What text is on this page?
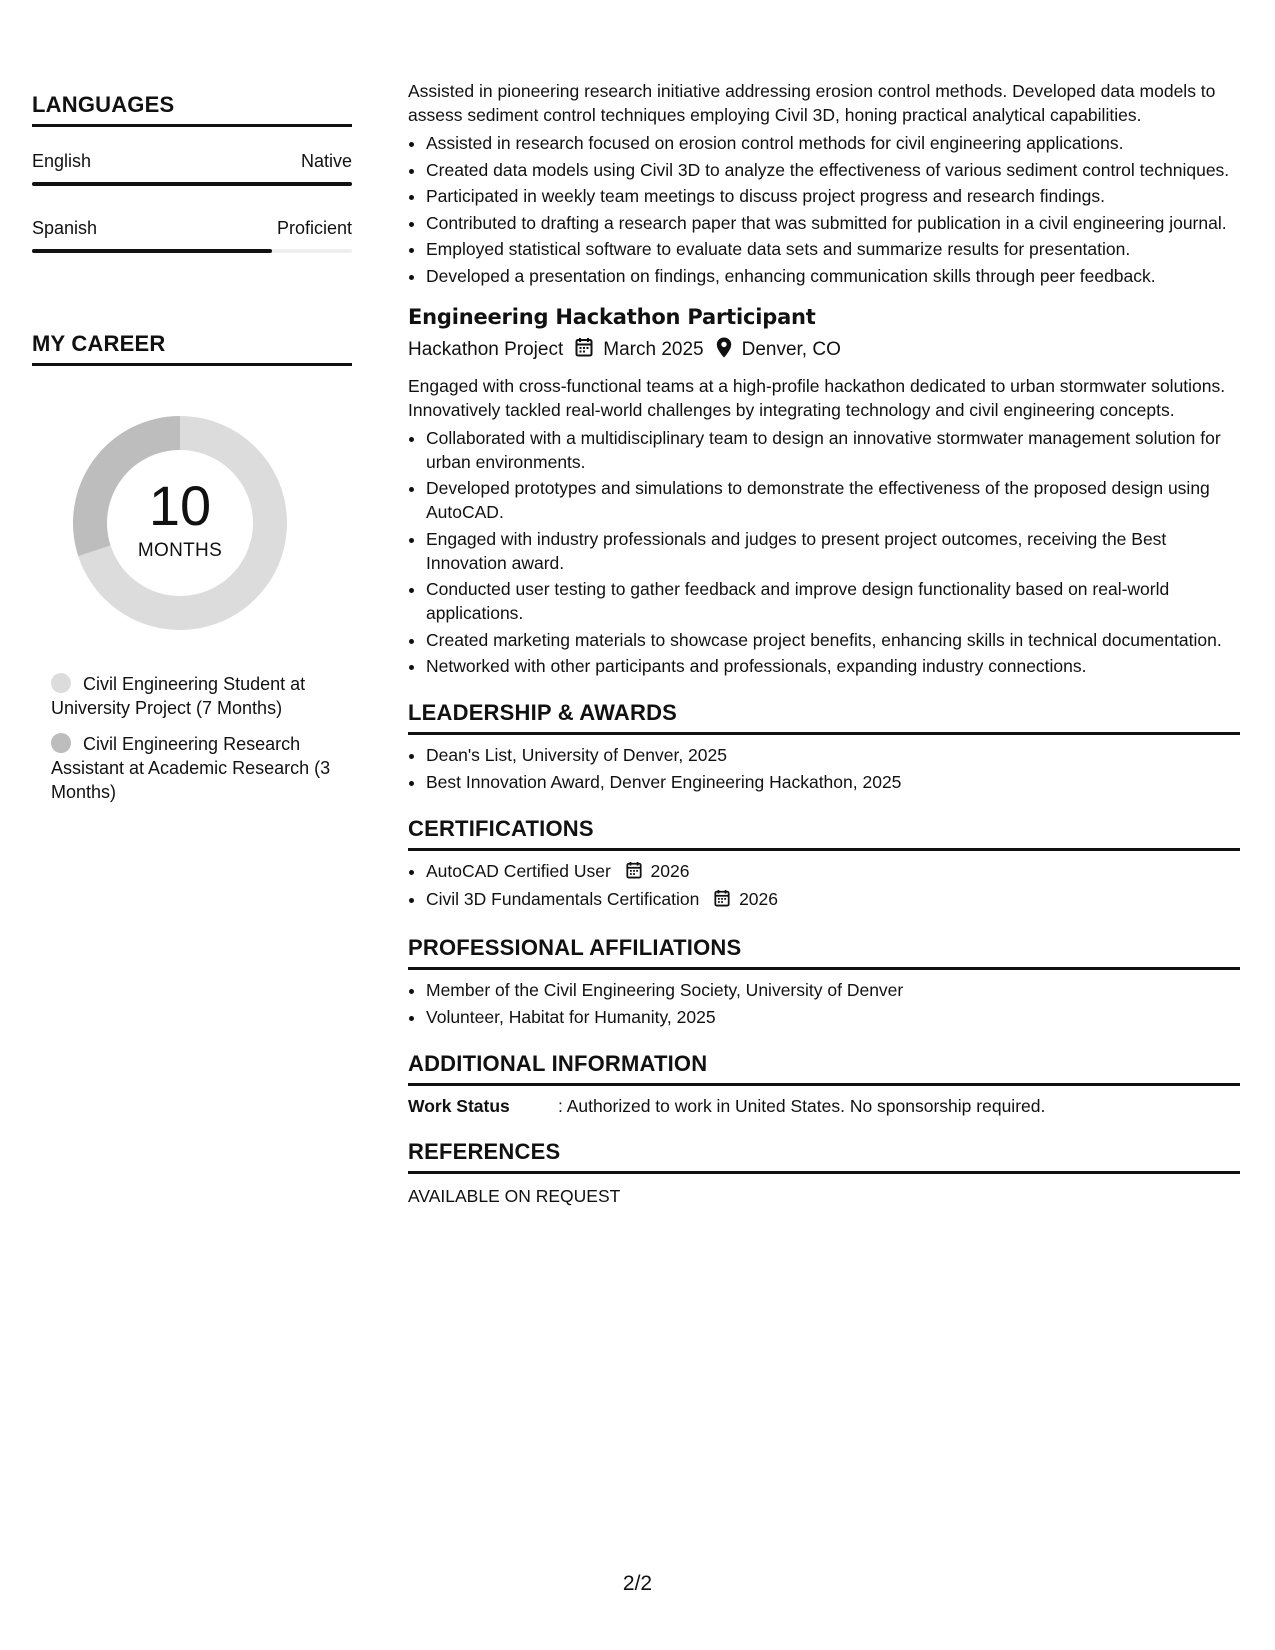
LANGUAGES
English	Native
Spanish	Proficient
MY CAREER
10
MONTHS
Civil Engineering Student at University Project (7 Months)
Civil Engineering Research Assistant at Academic Research (3 Months)

Assisted in pioneering research initiative addressing erosion control methods. Developed data models to assess sediment control techniques employing Civil 3D, honing practical analytical capabilities.

• Assisted in research focused on erosion control methods for civil engineering applications.
• Created data models using Civil 3D to analyze the effectiveness of various sediment control techniques.
• Participated in weekly team meetings to discuss project progress and research findings.
• Contributed to drafting a research paper that was submitted for publication in a civil engineering journal.
• Employed statistical software to evaluate data sets and summarize results for presentation.
• Developed a presentation on findings, enhancing communication skills through peer feedback.
Engineering Hackathon Participant
Hackathon Project March 2025 Denver, CO

Engaged with cross-functional teams at a high-profile hackathon dedicated to urban stormwater solutions. Innovatively tackled real-world challenges by integrating technology and civil engineering concepts.

• Collaborated with a multidisciplinary team to design an innovative stormwater management solution for urban environments.
• Developed prototypes and simulations to demonstrate the effectiveness of the proposed design using AutoCAD.
• Engaged with industry professionals and judges to present project outcomes, receiving the Best Innovation award.
• Conducted user testing to gather feedback and improve design functionality based on real-world applications.
• Created marketing materials to showcase project benefits, enhancing skills in technical documentation.
• Networked with other participants and professionals, expanding industry connections.
LEADERSHIP & AWARDS
• Dean's List, University of Denver, 2025
• Best Innovation Award, Denver Engineering Hackathon, 2025
CERTIFICATIONS
• AutoCAD Certified User 2026
• Civil 3D Fundamentals Certification 2026
PROFESSIONAL AFFILIATIONS
• Member of the Civil Engineering Society, University of Denver
• Volunteer, Habitat for Humanity, 2025
ADDITIONAL INFORMATION
Work Status	: Authorized to work in United States. No sponsorship required.
REFERENCES
AVAILABLE ON REQUEST
2/2
